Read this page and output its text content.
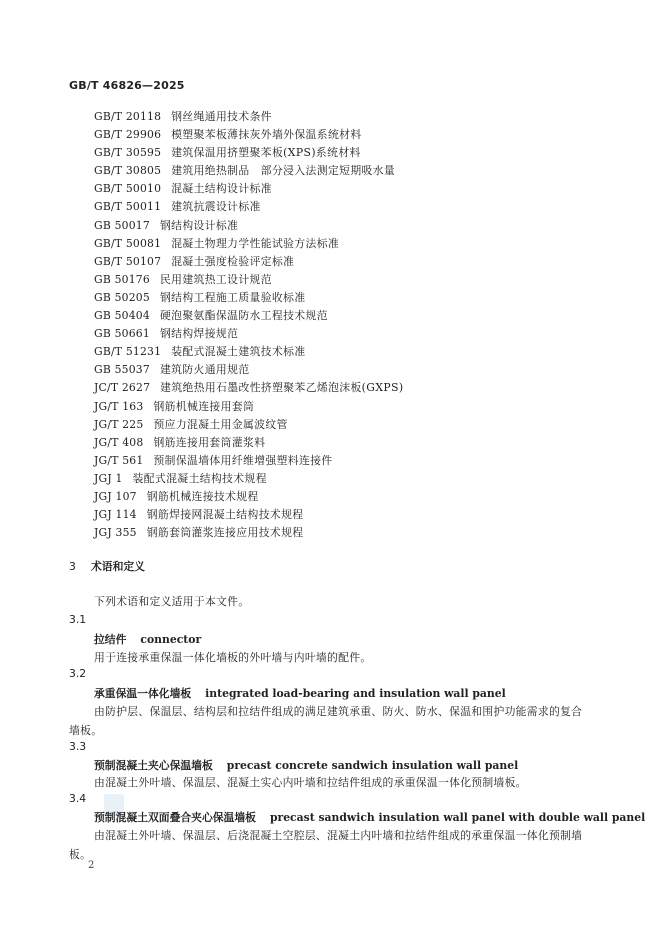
GB/T 46826—2025
GB/T 20118 钢丝绳通用技术条件
GB/T 29906 模塑聚苯板薄抹灰外墙外保温系统材料
GB/T 30595 建筑保温用挤塑聚苯板(XPS)系统材料
GB/T 30805 建筑用绝热制品　部分浸入法测定短期吸水量
GB/T 50010 混凝土结构设计标准
GB/T 50011 建筑抗震设计标准
GB 50017 钢结构设计标准
GB/T 50081 混凝土物理力学性能试验方法标准
GB/T 50107 混凝土强度检验评定标准
GB 50176 民用建筑热工设计规范
GB 50205 钢结构工程施工质量验收标准
GB 50404 硬泡聚氨酯保温防水工程技术规范
GB 50661 钢结构焊接规范
GB/T 51231 装配式混凝土建筑技术标准
GB 55037 建筑防火通用规范
JC/T 2627 建筑绝热用石墨改性挤塑聚苯乙烯泡沫板(GXPS)
JG/T 163 钢筋机械连接用套筒
JG/T 225 预应力混凝土用金属波纹管
JG/T 408 钢筋连接用套筒灌浆料
JG/T 561 预制保温墙体用纤维增强塑料连接件
JGJ 1 装配式混凝土结构技术规程
JGJ 107 钢筋机械连接技术规程
JGJ 114 钢筋焊接网混凝土结构技术规程
JGJ 355 钢筋套筒灌浆连接应用技术规程
3 术语和定义
下列术语和定义适用于本文件。
3.1
拉结件 connector
用于连接承重保温一体化墙板的外叶墙与内叶墙的配件。
3.2
承重保温一体化墙板 integrated load-bearing and insulation wall panel
由防护层、保温层、结构层和拉结件组成的满足建筑承重、防火、防水、保温和围护功能需求的复合墙板。
3.3
预制混凝土夹心保温墙板 precast concrete sandwich insulation wall panel
由混凝土外叶墙、保温层、混凝土实心内叶墙和拉结件组成的承重保温一体化预制墙板。
3.4
预制混凝土双面叠合夹心保温墙板 precast sandwich insulation wall panel with double wall panel
由混凝土外叶墙、保温层、后浇混凝土空腔层、混凝土内叶墙和拉结件组成的承重保温一体化预制墙板。
2
